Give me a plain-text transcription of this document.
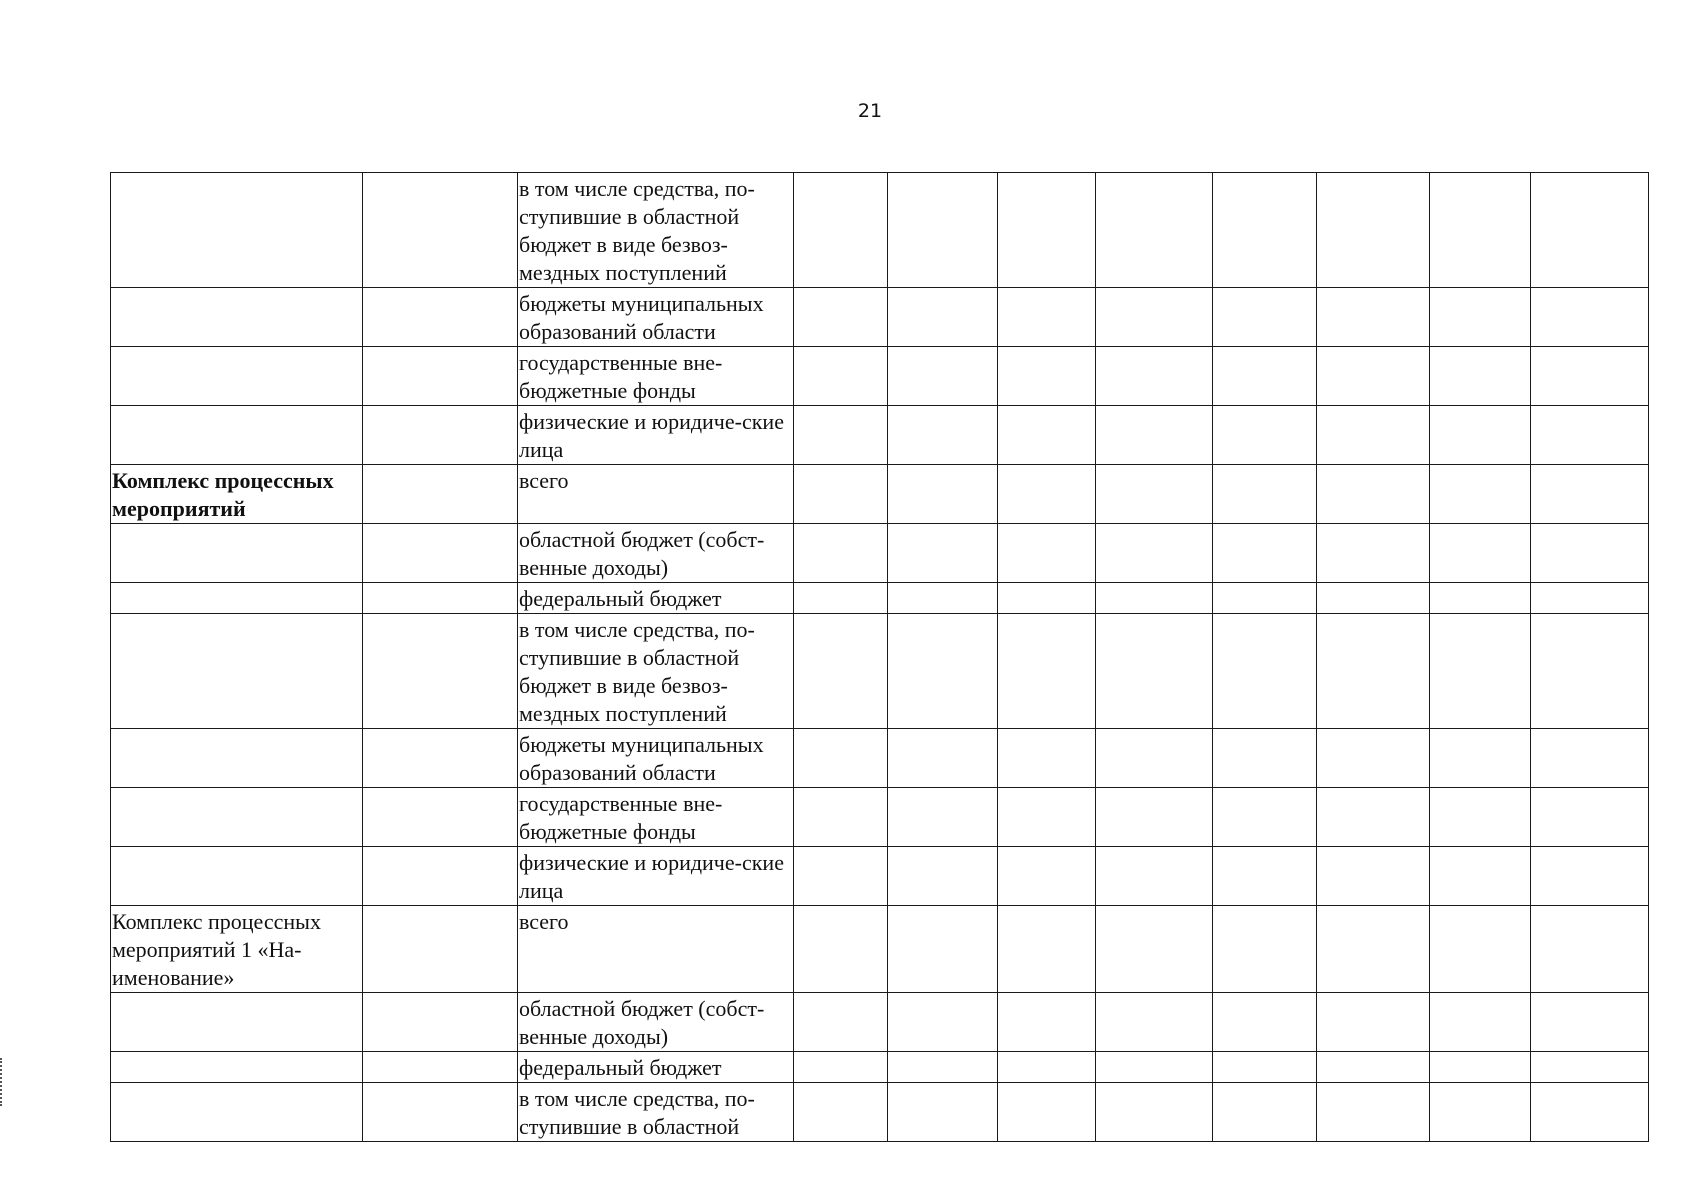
21
		в том числе средства, по-ступившие в областной бюджет в виде безвоз-мездных поступлений								
		бюджеты муниципальных образований области								
		государственные вне-бюджетные фонды								
		физические и юридиче-ские лица								
Комплекс процессных мероприятий		всего								
		областной бюджет (собст-венные доходы)								
		федеральный бюджет								
		в том числе средства, по-ступившие в областной бюджет в виде безвоз-мездных поступлений								
		бюджеты муниципальных образований области								
		государственные вне-бюджетные фонды								
		физические и юридиче-ские лица								
Комплекс процессных мероприятий 1 «На-именование»		всего								
		областной бюджет (собст-венные доходы)								
		федеральный бюджет								
		в том числе средства, по-ступившие в областной								
